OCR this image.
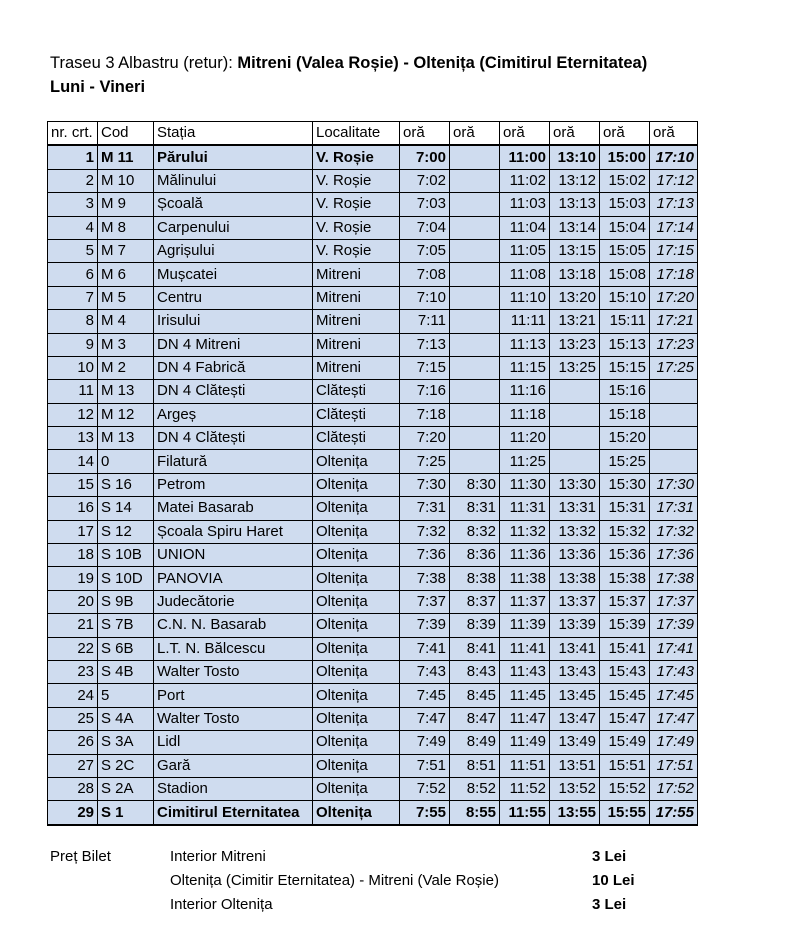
Traseu 3 Albastru (retur): Mitreni (Valea Roșie) - Oltenița (Cimitirul Eternitatea)
Luni - Vineri
nr. crt.	Cod	Stația	Localitate	oră	oră	oră	oră	oră	oră
1	M 11	Părului	V. Roșie	7:00		11:00	13:10	15:00	17:10
2	M 10	Mălinului	V. Roșie	7:02		11:02	13:12	15:02	17:12
3	M 9	Școală	V. Roșie	7:03		11:03	13:13	15:03	17:13
4	M 8	Carpenului	V. Roșie	7:04		11:04	13:14	15:04	17:14
5	M 7	Agrișului	V. Roșie	7:05		11:05	13:15	15:05	17:15
6	M 6	Mușcatei	Mitreni	7:08		11:08	13:18	15:08	17:18
7	M 5	Centru	Mitreni	7:10		11:10	13:20	15:10	17:20
8	M 4	Irisului	Mitreni	7:11		11:11	13:21	15:11	17:21
9	M 3	DN 4 Mitreni	Mitreni	7:13		11:13	13:23	15:13	17:23
10	M 2	DN 4 Fabrică	Mitreni	7:15		11:15	13:25	15:15	17:25
11	M 13	DN 4 Clătești	Clătești	7:16		11:16		15:16	
12	M 12	Argeș	Clătești	7:18		11:18		15:18	
13	M 13	DN 4 Clătești	Clătești	7:20		11:20		15:20	
14	0	Filatură	Oltenița	7:25		11:25		15:25	
15	S 16	Petrom	Oltenița	7:30	8:30	11:30	13:30	15:30	17:30
16	S 14	Matei Basarab	Oltenița	7:31	8:31	11:31	13:31	15:31	17:31
17	S 12	Școala Spiru Haret	Oltenița	7:32	8:32	11:32	13:32	15:32	17:32
18	S 10B	UNION	Oltenița	7:36	8:36	11:36	13:36	15:36	17:36
19	S 10D	PANOVIA	Oltenița	7:38	8:38	11:38	13:38	15:38	17:38
20	S 9B	Judecătorie	Oltenița	7:37	8:37	11:37	13:37	15:37	17:37
21	S 7B	C.N. N. Basarab	Oltenița	7:39	8:39	11:39	13:39	15:39	17:39
22	S 6B	L.T. N. Bălcescu	Oltenița	7:41	8:41	11:41	13:41	15:41	17:41
23	S 4B	Walter Tosto	Oltenița	7:43	8:43	11:43	13:43	15:43	17:43
24	5	Port	Oltenița	7:45	8:45	11:45	13:45	15:45	17:45
25	S 4A	Walter Tosto	Oltenița	7:47	8:47	11:47	13:47	15:47	17:47
26	S 3A	Lidl	Oltenița	7:49	8:49	11:49	13:49	15:49	17:49
27	S 2C	Gară	Oltenița	7:51	8:51	11:51	13:51	15:51	17:51
28	S 2A	Stadion	Oltenița	7:52	8:52	11:52	13:52	15:52	17:52
29	S 1	Cimitirul Eternitatea	Oltenița	7:55	8:55	11:55	13:55	15:55	17:55
Preț Bilet	Interior Mitreni	3 Lei
Oltenița (Cimitir Eternitatea) - Mitreni (Vale Roșie)	10 Lei
Interior Oltenița	3 Lei
